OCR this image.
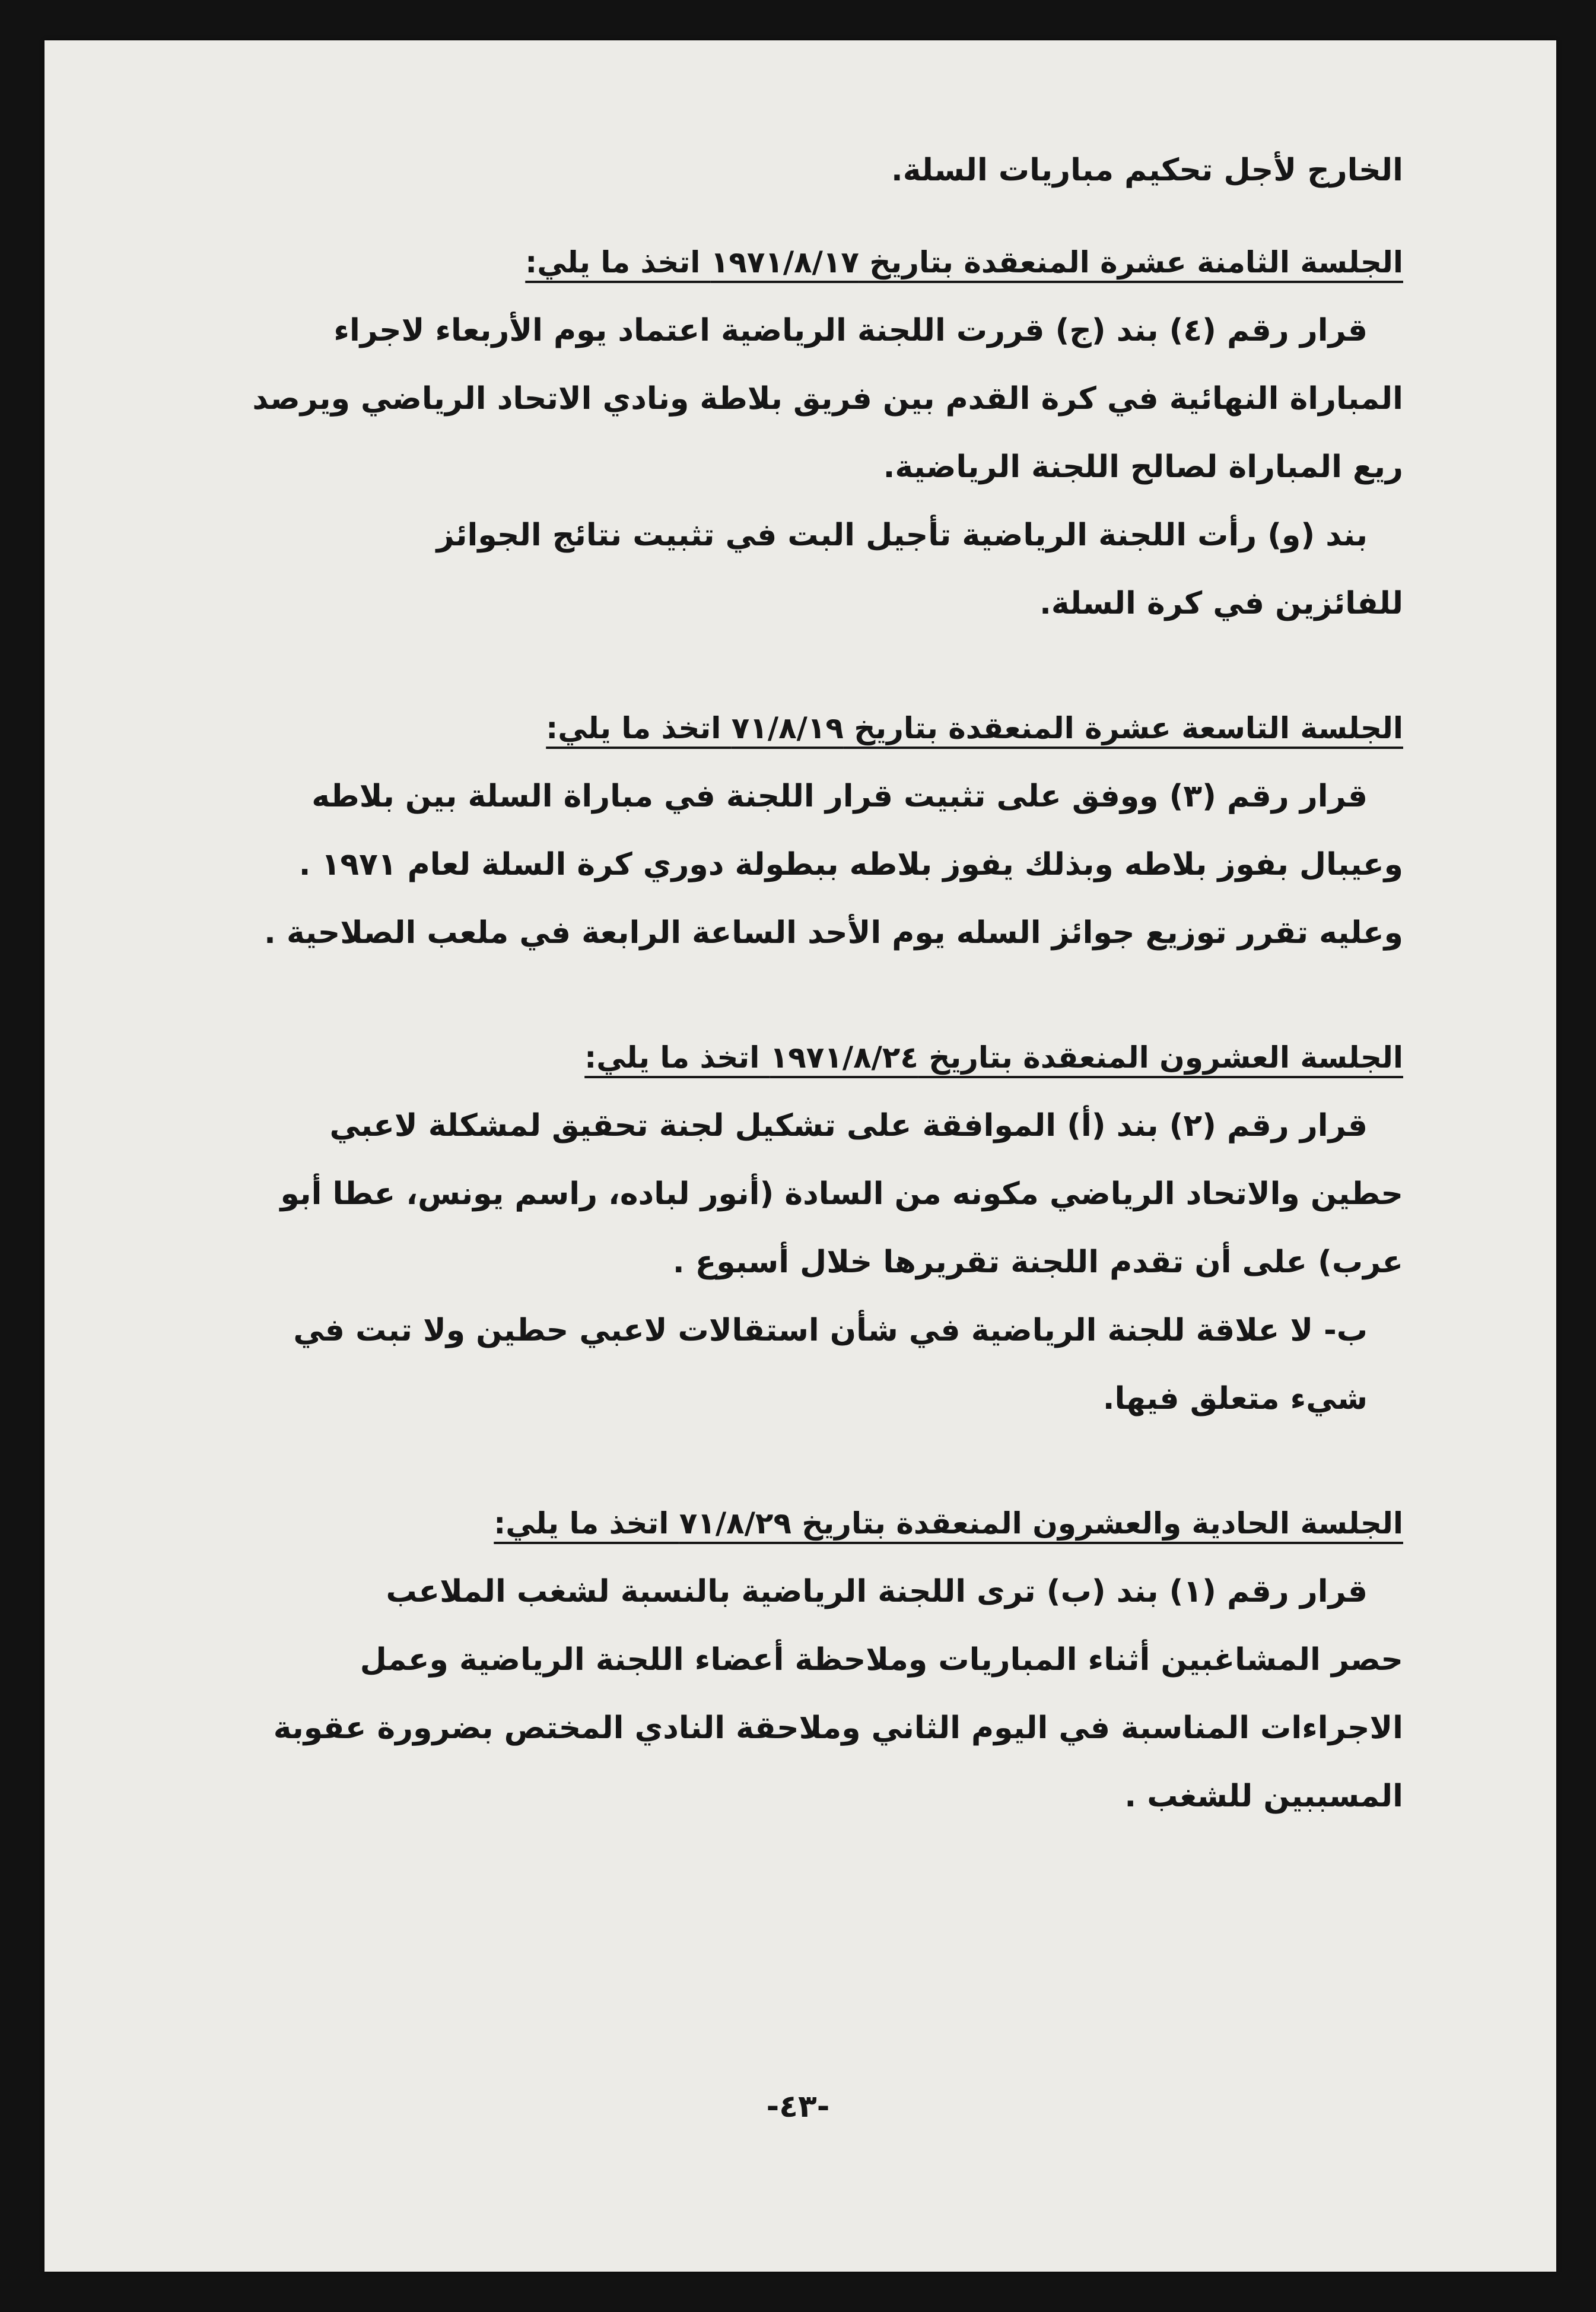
الخارج لأجل تحكيم مباريات السلة.

الجلسة الثامنة عشرة المنعقدة بتاريخ ١٩٧١/٨/١٧ اتخذ ما يلي:
قرار رقم (٤) بند (ج) قررت اللجنة الرياضية اعتماد يوم الأربعاء لاجراء
المباراة النهائية في كرة القدم بين فريق بلاطة ونادي الاتحاد الرياضي ويرصد
ريع المباراة لصالح اللجنة الرياضية.
بند (و) رأت اللجنة الرياضية تأجيل البت في تثبيت نتائج الجوائز
للفائزين في كرة السلة.
الجلسة التاسعة عشرة المنعقدة بتاريخ ٧١/٨/١٩ اتخذ ما يلي:
قرار رقم (٣) ووفق على تثبيت قرار اللجنة في مباراة السلة بين بلاطه
وعيبال بفوز بلاطه وبذلك يفوز بلاطه ببطولة دوري كرة السلة لعام ١٩٧١ .
وعليه تقرر توزيع جوائز السله يوم الأحد الساعة الرابعة في ملعب الصلاحية .
الجلسة العشرون المنعقدة بتاريخ ١٩٧١/٨/٢٤ اتخذ ما يلي:
قرار رقم (٢) بند (أ) الموافقة على تشكيل لجنة تحقيق لمشكلة لاعبي
حطين والاتحاد الرياضي مكونه من السادة (أنور لباده، راسم يونس، عطا أبو
عرب) على أن تقدم اللجنة تقريرها خلال أسبوع .
ب- لا علاقة للجنة الرياضية في شأن استقالات لاعبي حطين ولا تبت في
شيء متعلق فيها.
الجلسة الحادية والعشرون المنعقدة بتاريخ ٧١/٨/٢٩ اتخذ ما يلي:
قرار رقم (١) بند (ب) ترى اللجنة الرياضية بالنسبة لشغب الملاعب
حصر المشاغبين أثناء المباريات وملاحظة أعضاء اللجنة الرياضية وعمل
الاجراءات المناسبة في اليوم الثاني وملاحقة النادي المختص بضرورة عقوبة
المسببين للشغب .
-٤٣-
